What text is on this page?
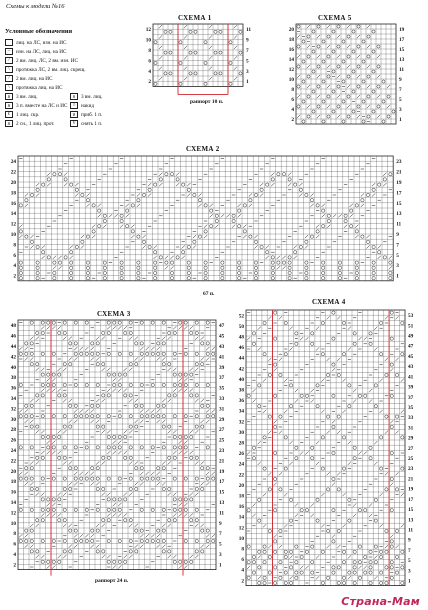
Схемы к модели №16
Условные обозначения
лиц. на ЛС, изн. на ИС
–	изн. на ЛС, лиц. на ИС
⁄	2 вм. лиц. ЛС, 2 вм. изн. ИС
\	протяжка ЛС, 2 вм. лиц. скрещ.
⁄	2 вм. лиц. на ИС
\	протяжка лиц. на ИС
∧ 3 вм. лиц.	∧ 3 вм. лиц.
∧ 3 п. вместе на ЛС и ИС	○	накид
ℓ	1 лиц. скр.	∨ приб. 1 п.
∧ 2 сн., 1 лиц. прот.	V снять 1 п.
СХЕМА 1
12
10
8
6
4
2
11
9
7
5
3
1
раппорт 10 п.
СХЕМА 5
20
18
16
14
12
10
8
6
4
2
19
17
15
13
11
9
7
5
3
1
СХЕМА 2
24
22
20
18
16
14
12
10
8
6
4
2
23
21
19
17
15
13
11
9
7
5
3
1
67 п.
СХЕМА 3
48
46
44
42
40
38
36
34
32
30
28
26
24
22
20
18
16
14
12
10
8
6
4
2
47
45
43
41
39
37
35
33
31
29
27
25
23
21
19
17
15
13
11
9
7
5
3
1
раппорт 24 п.
СХЕМА 4
52
50
48
46
44
42
40
38
36
34
32
30
28
26
24
22
20
18
16
14
12
10
8
6
4
2
53
51
49
47
45
43
41
39
37
35
33
31
29
27
25
23
21
19
17
15
13
11
9
7
5
3
1
Страна-Мам
